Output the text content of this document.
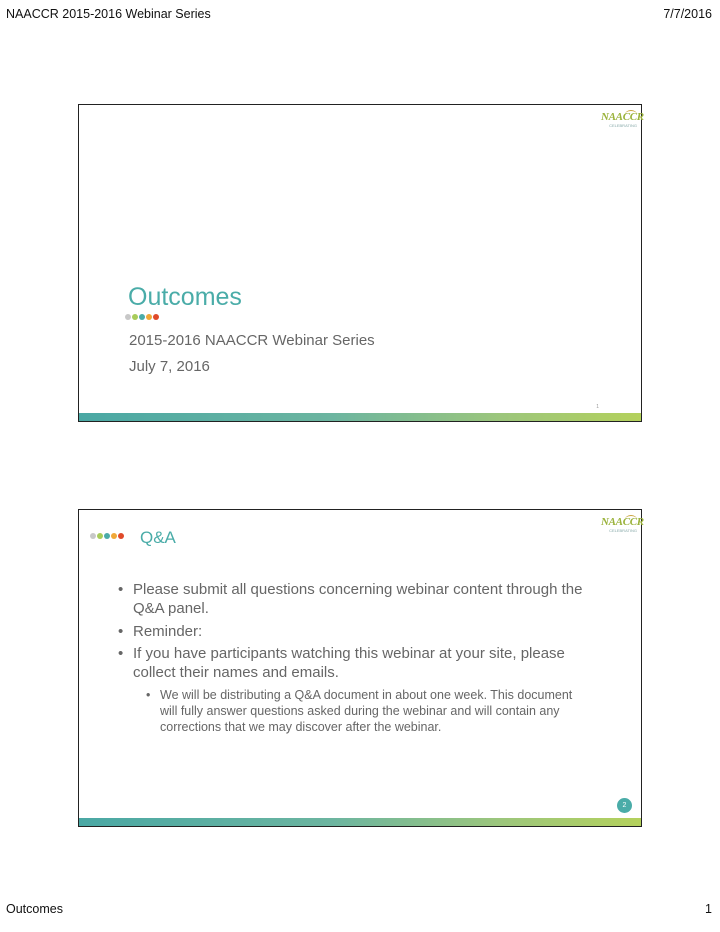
NAACCR 2015-2016 Webinar Series	7/7/2016
NAACCR
CELEBRATING
Outcomes
2015-2016 NAACCR Webinar Series
July 7, 2016
1
NAACCR
CELEBRATING
Q&A
• Please submit all questions concerning webinar content through the Q&A panel.
• Reminder:
• If you have participants watching this webinar at your site, please collect their names and emails.
• We will be distributing a Q&A document in about one week. This document will fully answer questions asked during the webinar and will contain any corrections that we may discover after the webinar.
2
Outcomes	1
